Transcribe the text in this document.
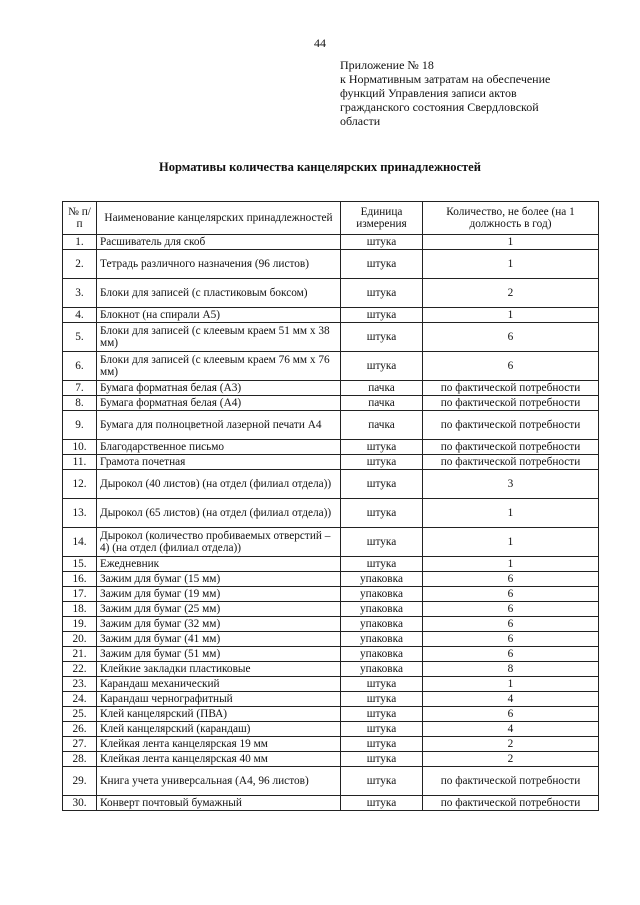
44
Приложение № 18
к Нормативным затратам на обеспечение
функций Управления записи актов
гражданского состояния Свердловской
области
Нормативы количества канцелярских принадлежностей
№ п/п	Наименование канцелярских принадлежностей	Единица измерения	Количество, не более (на 1 должность в год)
1.	Расшиватель для скоб	штука	1
2.	Тетрадь различного назначения (96 листов)	штука	1
3.	Блоки для записей (с пластиковым боксом)	штука	2
4.	Блокнот (на спирали А5)	штука	1
5.	Блоки для записей (с клеевым краем 51 мм х 38 мм)	штука	6
6.	Блоки для записей (с клеевым краем 76 мм х 76 мм)	штука	6
7.	Бумага форматная белая (А3)	пачка	по фактической потребности
8.	Бумага форматная белая (А4)	пачка	по фактической потребности
9.	Бумага для полноцветной лазерной печати А4	пачка	по фактической потребности
10.	Благодарственное письмо	штука	по фактической потребности
11.	Грамота почетная	штука	по фактической потребности
12.	Дырокол (40 листов) (на отдел (филиал отдела))	штука	3
13.	Дырокол (65 листов) (на отдел (филиал отдела))	штука	1
14.	Дырокол (количество пробиваемых отверстий – 4) (на отдел (филиал отдела))	штука	1
15.	Ежедневник	штука	1
16.	Зажим для бумаг (15 мм)	упаковка	6
17.	Зажим для бумаг (19 мм)	упаковка	6
18.	Зажим для бумаг (25 мм)	упаковка	6
19.	Зажим для бумаг (32 мм)	упаковка	6
20.	Зажим для бумаг (41 мм)	упаковка	6
21.	Зажим для бумаг (51 мм)	упаковка	6
22.	Клейкие закладки пластиковые	упаковка	8
23.	Карандаш механический	штука	1
24.	Карандаш чернографитный	штука	4
25.	Клей канцелярский (ПВА)	штука	6
26.	Клей канцелярский (карандаш)	штука	4
27.	Клейкая лента канцелярская 19 мм	штука	2
28.	Клейкая лента канцелярская 40 мм	штука	2
29.	Книга учета универсальная (А4, 96 листов)	штука	по фактической потребности
30.	Конверт почтовый бумажный	штука	по фактической потребности
